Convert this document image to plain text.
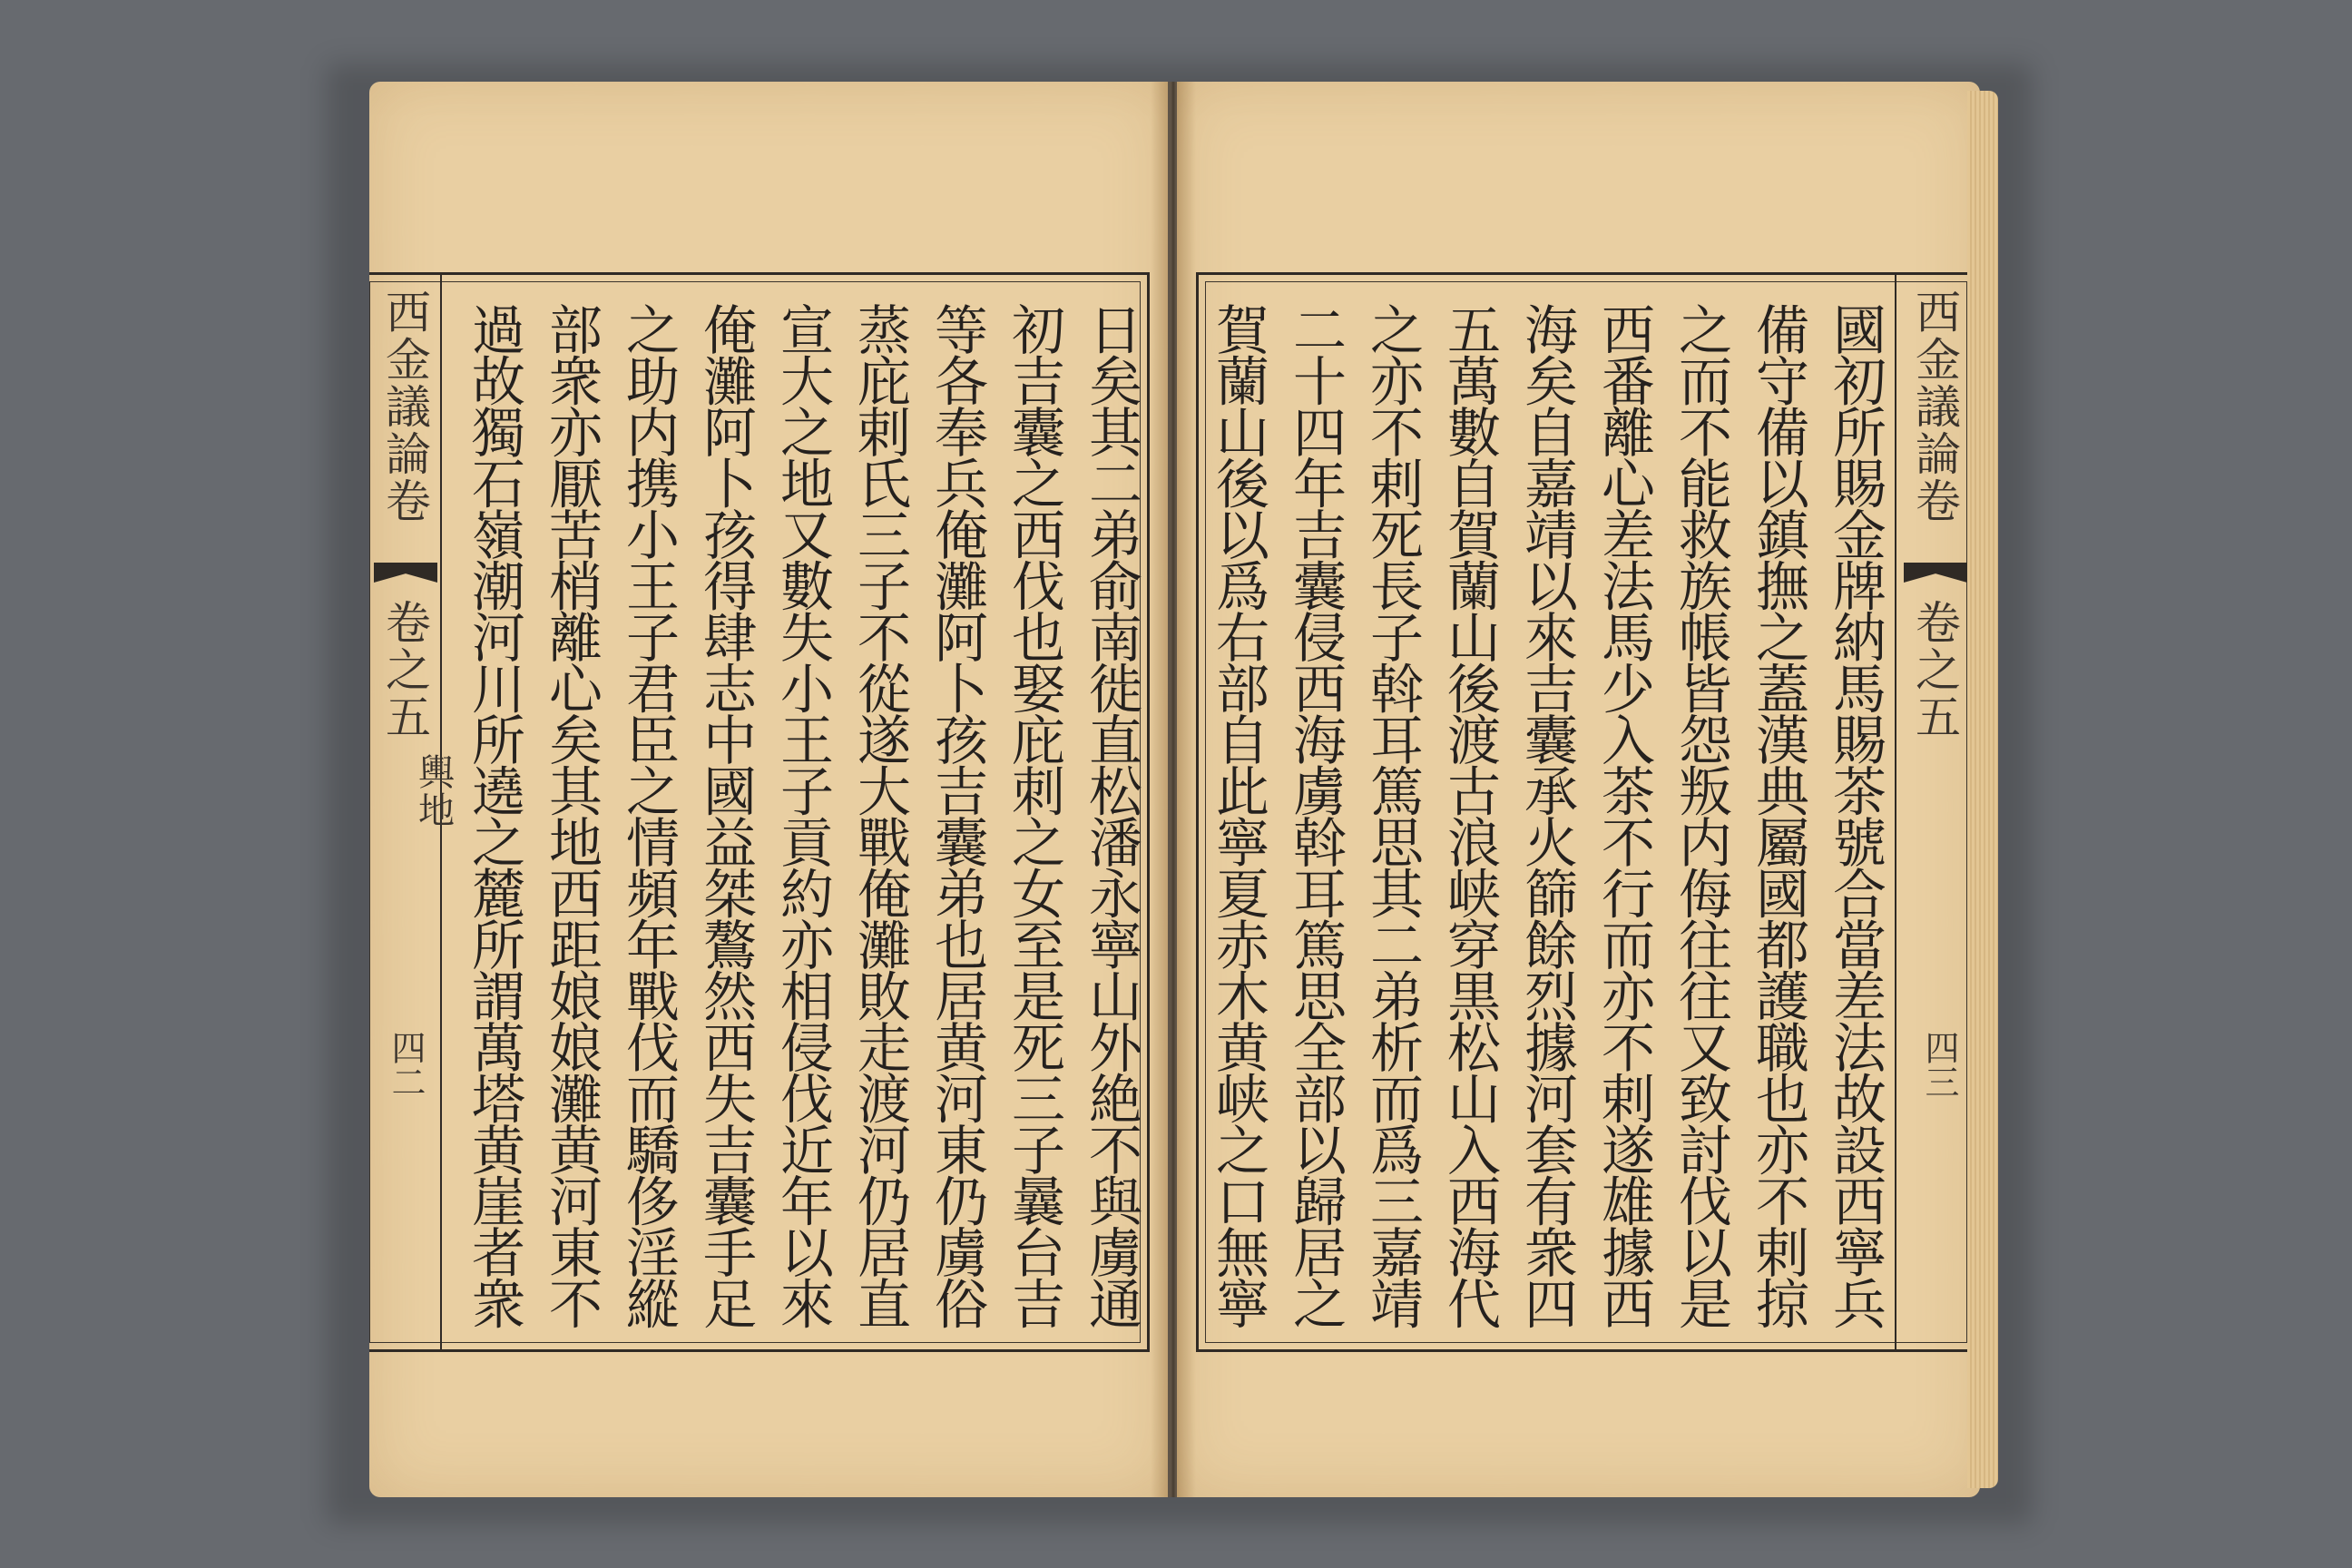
西金議論卷
卷之五
輿地
四二	日矣其二弟俞南徙直松潘永寧山外絶不與虜通
初吉囊之西伐也娶庇刺之女至是死三子曩台吉
等各奉兵俺灘阿卜孩吉囊弟也居黄河東仍虜俗
蒸庇剌氏三子不從遂大戰俺灘敗走渡河仍居直
宣大之地又數失小王子貢約亦相侵伐近年以來
俺灘阿卜孩得肆志中國益桀鷔然西失吉囊手足
之助内携小王子君臣之情頻年戰伐而驕侈淫縱
部衆亦厭苦梢離心矣其地西距娘娘灘黄河東不
過故獨石嶺潮河川所遶之麓所謂萬塔黄崖者衆	西金議論卷
卷之五
四三
國初所賜金牌納馬賜茶號合當差法故設西寧兵
備守備以鎮撫之蓋漢典屬國都護職也亦不剌掠
之而不能救族帳皆怨叛内侮往往又致討伐以是
西番離心差法馬少入茶不行而亦不剌遂雄據西
海矣自嘉靖以來吉囊承火篩餘烈據河套有衆四
五萬數自賀蘭山後渡古浪峡穿黒松山入西海代
之亦不剌死長子斡耳篤思其二弟析而爲三嘉靖
二十四年吉囊侵西海虜斡耳篤思全部以歸居之
賀蘭山後以爲右部自此寧夏赤木黄峡之口無寧
